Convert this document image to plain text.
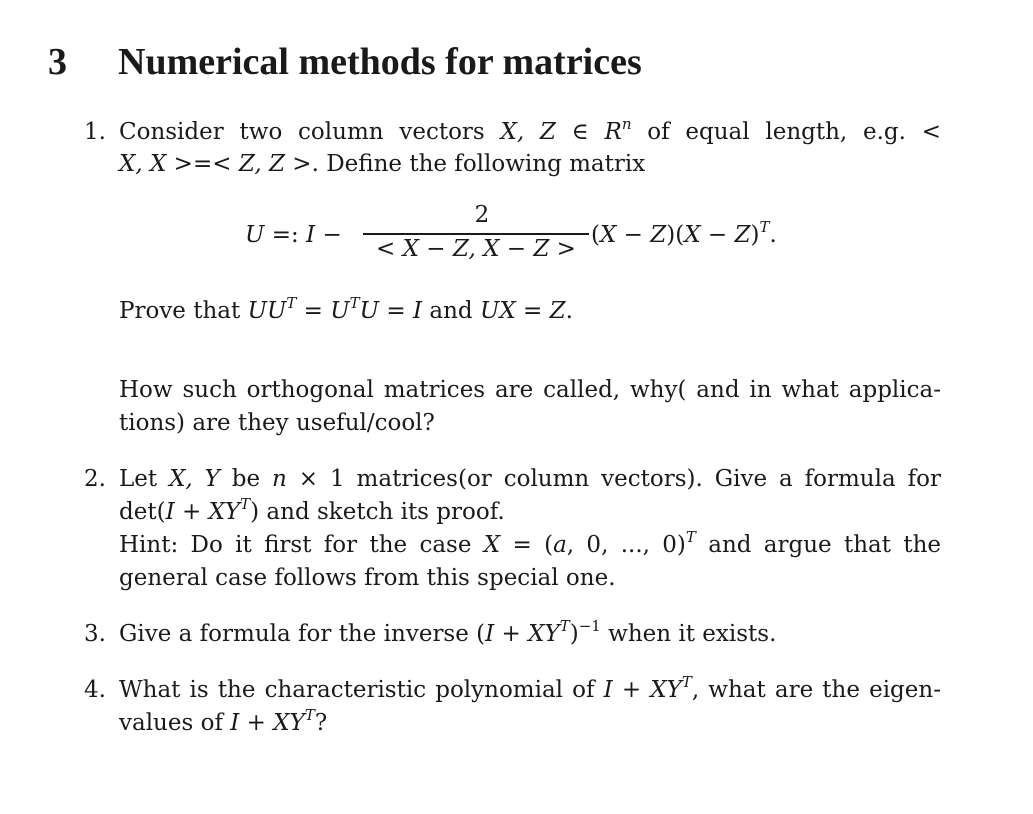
3 Numerical methods for matrices
1. Consider two column vectors X, Z ∈ $R^n$ of equal length, e.g. <
X, X >=< Z, Z >. Define the following matrix
U =: I −
2
< X − Z, X − Z >
$(X - Z)(X - Z)^T$.
Prove that $UU^T = U^TU = I$ and UX = Z.
How such orthogonal matrices are called, why( and in what applica-
tions) are they useful/cool?
2. Let X, Y be n × 1 matrices(or column vectors). Give a formula for
$\det(I + XY^T)$ and sketch its proof.
Hint: Do it first for the case X = (a, 0, ..., 0)$^T$ and argue that the
general case follows from this special one.
3. Give a formula for the inverse $(I + XY^T)^{-1}$ when it exists.
4. What is the characteristic polynomial of $I + XY^T$, what are the eigen-
values of $I + XY^T$?
